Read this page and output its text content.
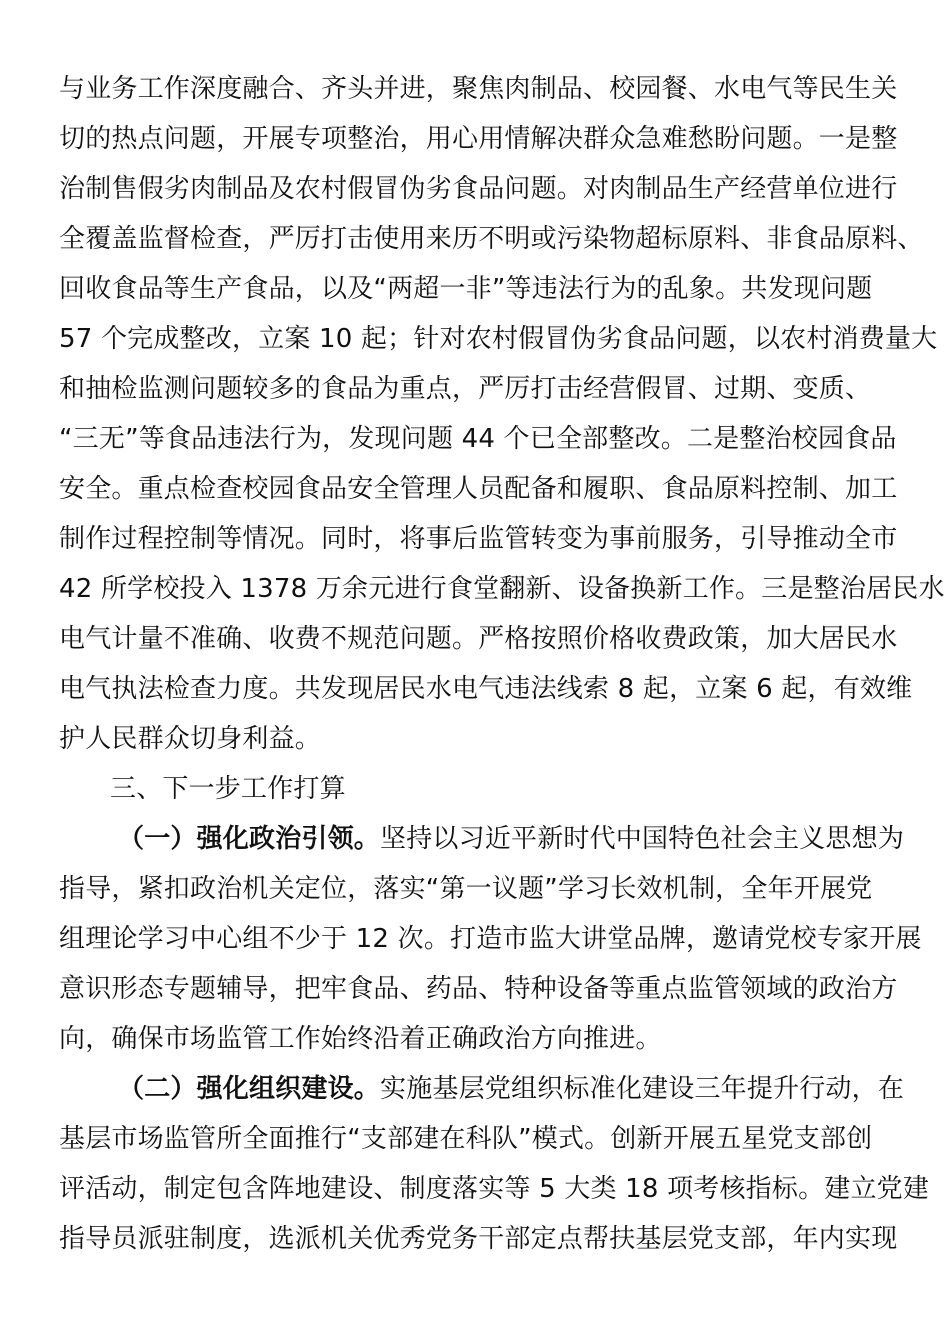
与业务工作深度融合、齐头并进，聚焦肉制品、校园餐、水电气等民生关
切的热点问题，开展专项整治，用心用情解决群众急难愁盼问题。一是整
治制售假劣肉制品及农村假冒伪劣食品问题。对肉制品生产经营单位进行
全覆盖监督检查，严厉打击使用来历不明或污染物超标原料、非食品原料、
回收食品等生产食品，以及“两超一非”等违法行为的乱象。共发现问题
57 个完成整改，立案 10 起；针对农村假冒伪劣食品问题，以农村消费量大
和抽检监测问题较多的食品为重点，严厉打击经营假冒、过期、变质、
“三无”等食品违法行为，发现问题 44 个已全部整改。二是整治校园食品
安全。重点检查校园食品安全管理人员配备和履职、食品原料控制、加工
制作过程控制等情况。同时，将事后监管转变为事前服务，引导推动全市
42 所学校投入 1378 万余元进行食堂翻新、设备换新工作。三是整治居民水
电气计量不准确、收费不规范问题。严格按照价格收费政策，加大居民水
电气执法检查力度。共发现居民水电气违法线索 8 起，立案 6 起，有效维
护人民群众切身利益。
三、下一步工作打算
（一）强化政治引领。坚持以习近平新时代中国特色社会主义思想为
指导，紧扣政治机关定位，落实“第一议题”学习长效机制，全年开展党
组理论学习中心组不少于 12 次。打造市监大讲堂品牌，邀请党校专家开展
意识形态专题辅导，把牢食品、药品、特种设备等重点监管领域的政治方
向，确保市场监管工作始终沿着正确政治方向推进。
（二）强化组织建设。实施基层党组织标准化建设三年提升行动，在
基层市场监管所全面推行“支部建在科队”模式。创新开展五星党支部创
评活动，制定包含阵地建设、制度落实等 5 大类 18 项考核指标。建立党建
指导员派驻制度，选派机关优秀党务干部定点帮扶基层党支部，年内实现
